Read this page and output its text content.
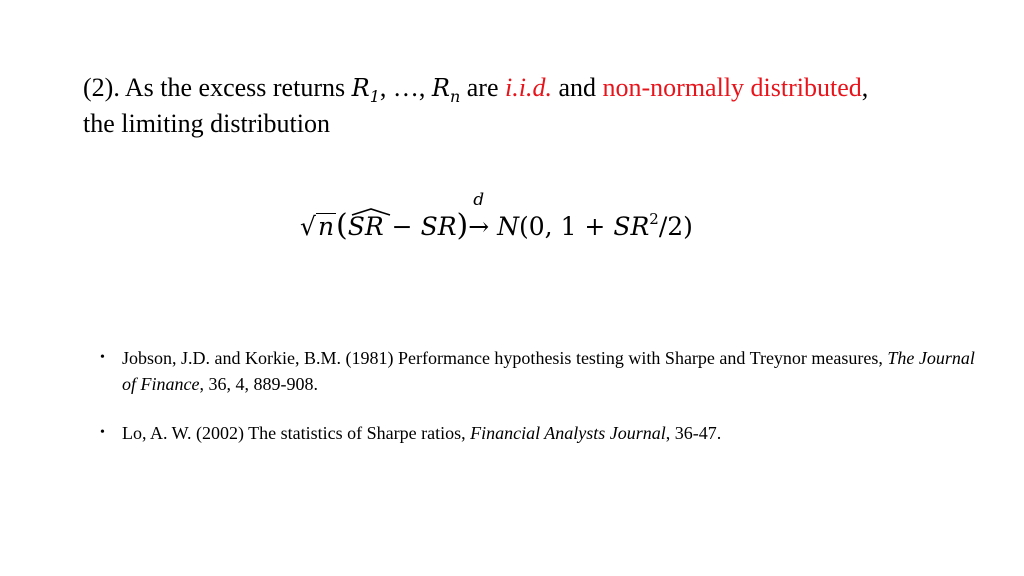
(2). As the excess returns $R_1$, …, $R_n$ are i.i.d. and non-normally distributed,
the limiting distribution

√n(
SR − SR)
d
→ N(0, $1 + SR^2/2$)
• Jobson, J.D. and Korkie, B.M. (1981) Performance hypothesis testing with Sharpe and Treynor measures, The Journal of Finance, 36, 4, 889-908.
• Lo, A. W. (2002) The statistics of Sharpe ratios, Financial Analysts Journal, 36-47.
